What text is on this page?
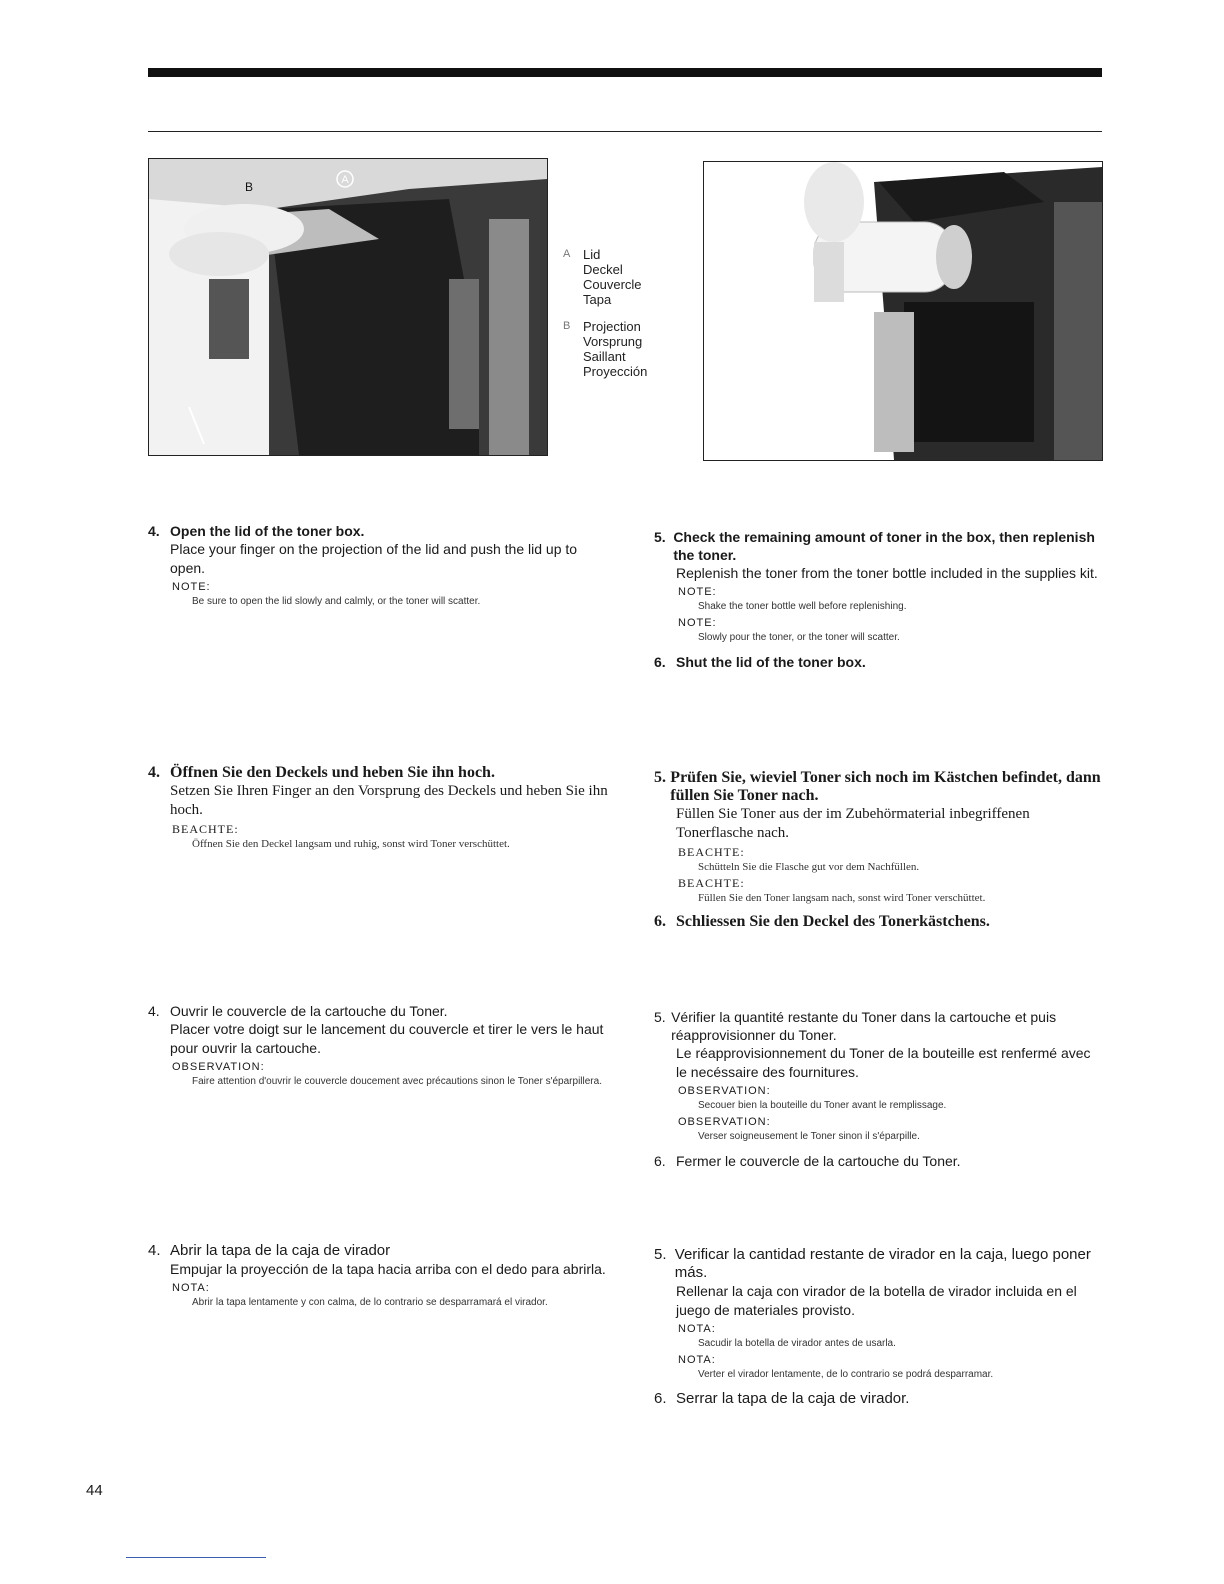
A
B
A Lid
Deckel
Couvercle
Tapa
B Projection
Vorsprung
Saillant
Proyección
4. Open the lid of the toner box.
Place your finger on the projection of the lid and push the lid up to open.
NOTE:
Be sure to open the lid slowly and calmly, or the toner will scatter.
5. Check the remaining amount of toner in the box, then replenish the toner.
Replenish the toner from the toner bottle included in the supplies kit.
NOTE:
Shake the toner bottle well before replenishing.
NOTE:
Slowly pour the toner, or the toner will scatter.
6. Shut the lid of the toner box.
4. Öffnen Sie den Deckels und heben Sie ihn hoch.
Setzen Sie Ihren Finger an den Vorsprung des Deckels und heben Sie ihn hoch.
BEACHTE:
Öffnen Sie den Deckel langsam und ruhig, sonst wird Toner verschüttet.
5. Prüfen Sie, wieviel Toner sich noch im Kästchen befindet, dann füllen Sie Toner nach.
Füllen Sie Toner aus der im Zubehörmaterial inbegriffenen Tonerflasche nach.
BEACHTE:
Schütteln Sie die Flasche gut vor dem Nachfüllen.
BEACHTE:
Füllen Sie den Toner langsam nach, sonst wird Toner verschüttet.
6. Schliessen Sie den Deckel des Tonerkästchens.
4. Ouvrir le couvercle de la cartouche du Toner.
Placer votre doigt sur le lancement du couvercle et tirer le vers le haut pour ouvrir la cartouche.
OBSERVATION:
Faire attention d'ouvrir le couvercle doucement avec précautions sinon le Toner s'éparpillera.
5. Vérifier la quantité restante du Toner dans la cartouche et puis réapprovisionner du Toner.
Le réapprovisionnement du Toner de la bouteille est renfermé avec le necéssaire des fournitures.
OBSERVATION:
Secouer bien la bouteille du Toner avant le remplissage.
OBSERVATION:
Verser soigneusement le Toner sinon il s'éparpille.
6. Fermer le couvercle de la cartouche du Toner.
4. Abrir la tapa de la caja de virador
Empujar la proyección de la tapa hacia arriba con el dedo para abrirla.
NOTA:
Abrir la tapa lentamente y con calma, de lo contrario se desparramará el virador.
5. Verificar la cantidad restante de virador en la caja, luego poner más.
Rellenar la caja con virador de la botella de virador incluida en el juego de materiales provisto.
NOTA:
Sacudir la botella de virador antes de usarla.
NOTA:
Verter el virador lentamente, de lo contrario se podrá desparramar.
6. Serrar la tapa de la caja de virador.
44
